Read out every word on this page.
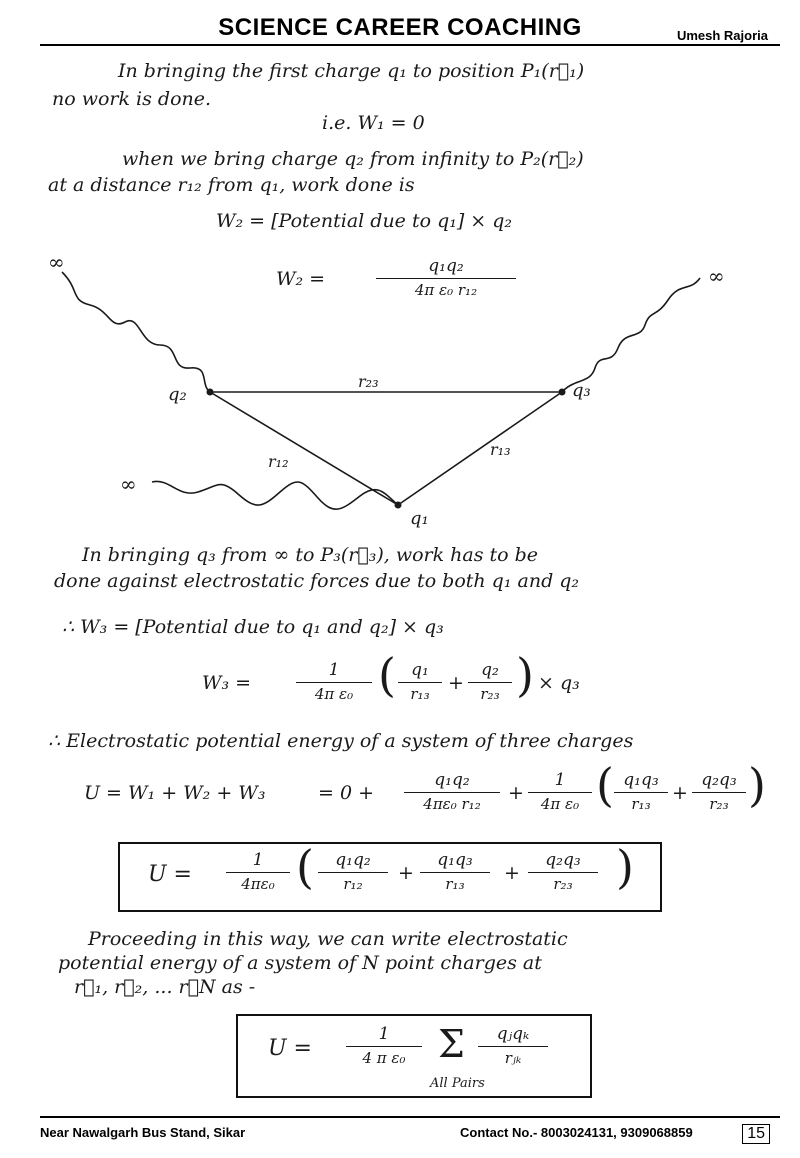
SCIENCE CAREER COACHING	Umesh Rajoria
In bringing the first charge q₁ to position P₁(r⃗₁)
no work is done.
i.e. W₁ = 0
when we bring charge q₂ from infinity to P₂(r⃗₂)
at a distance r₁₂ from q₁, work done is
W₂ = [Potential due to q₁] × q₂
W₂ =	$\frac{\text{q₁q₂}}{\text{4π ε₀ r₁₂}}$
∞
∞
∞
q₂	q₃
q₁
r₂₃
r₁₂
r₁₃
In bringing q₃ from ∞ to P₃(r⃗₃), work has to be
done against electrostatic forces due to both q₁ and q₂
∴ W₃ = [Potential due to q₁ and q₂] × q₃
W₃ =	$\frac{1}{\text{4π ε₀}}$ ( $\frac{\text{q₁}}{\text{r₁₃}} + \frac{\text{q₂}}{\text{r₂₃}}$ ) × q₃
∴ Electrostatic potential energy of a system of three charges
U = W₁ + W₂ + W₃	= $0 + \frac{\text{q₁q₂}}{\text{4πε₀ r₁₂}} + \frac{1}{\text{4π ε₀}}$ ( $\frac{\text{q₁q₃}}{\text{r₁₃}} + \frac{\text{q₂q₃}}{\text{r₂₃}}$ )
$U = \frac{1}{\text{4πε₀}}$ ( $\frac{\text{q₁q₂}}{\text{r₁₂}} + \frac{\text{q₁q₃}}{\text{r₁₃}} + \frac{\text{q₂q₃}}{\text{r₂₃}}$ )
Proceeding in this way, we can write electrostatic
potential energy of a system of N point charges at
r⃗₁, r⃗₂, ... r⃗N as -
$U = \frac{1}{\text{4 π ε₀}}$ Σ	qⱼqₖ
rⱼₖ
All Pairs
Near Nawalgarh Bus Stand, Sikar	Contact No.- 8003024131, 9309068859	15
